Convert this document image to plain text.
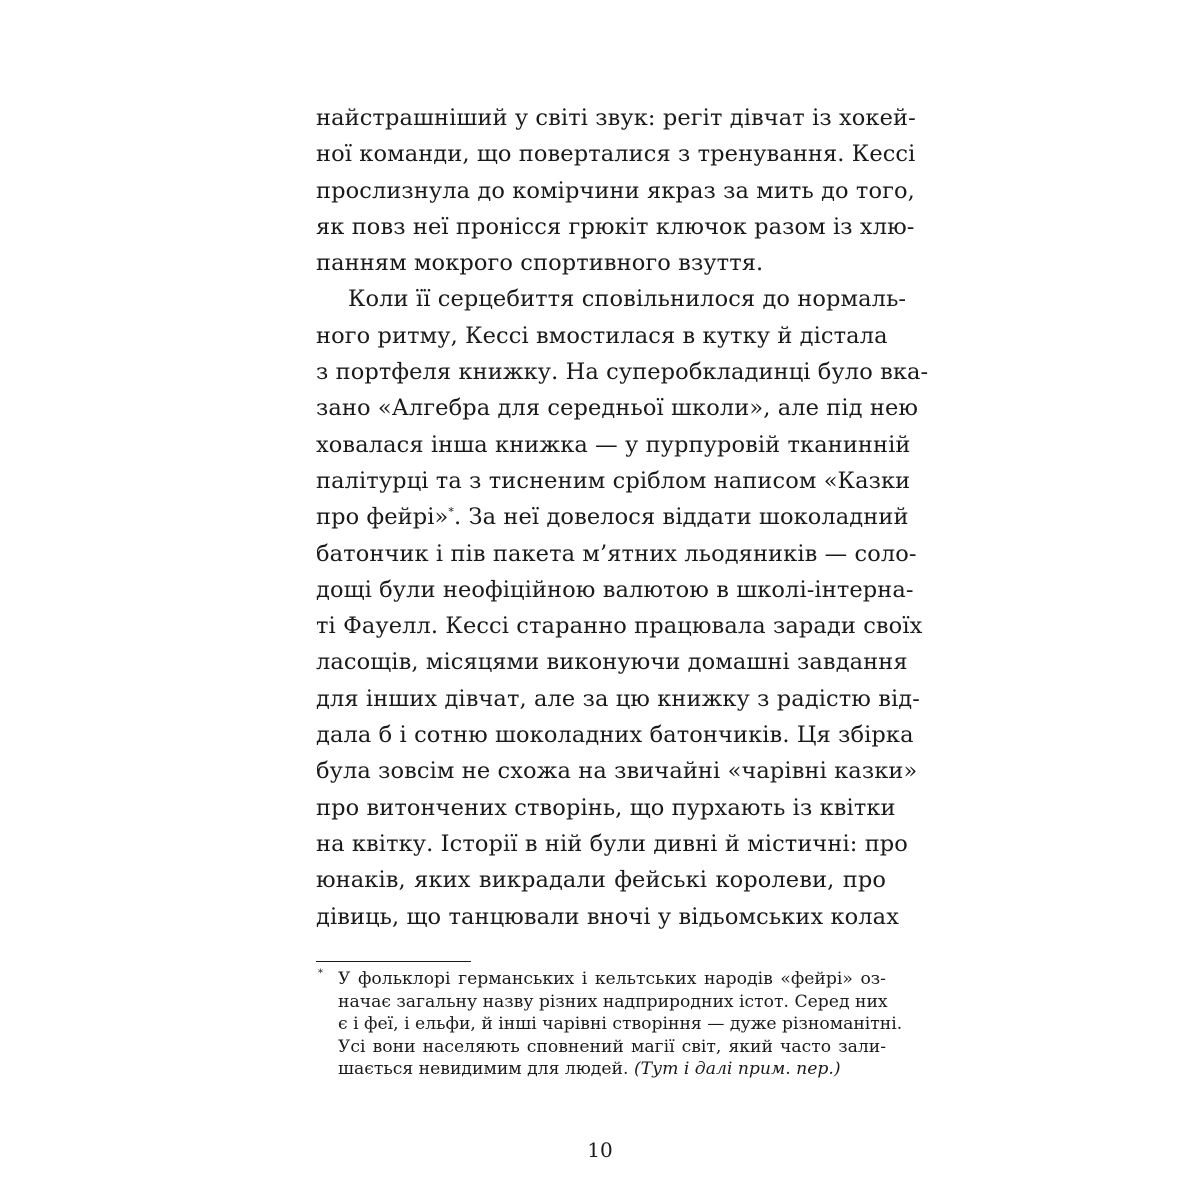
найстрашніший у світі звук: регіт дівчат із хокей-
ної команди, що поверталися з тренування. Кессі
прослизнула до комірчини якраз за мить до того,
як повз неї пронісся грюкіт ключок разом із хлю-
панням мокрого спортивного взуття.
Коли її серцебиття сповільнилося до нормаль-
ного ритму, Кессі вмостилася в кутку й дістала
з портфеля книжку. На суперобкладинці було вка-
зано «Алгебра для середньої школи», але під нею
ховалася інша книжка — у пурпуровій тканинній
палітурці та з тисненим сріблом написом «Казки
про фейрі»*. За неї довелося віддати шоколадний
батончик і пів пакета м’ятних льодяників — соло-
дощі були неофіційною валютою в школі-інтерна-
ті Фауелл. Кессі старанно працювала заради своїх
ласощів, місяцями виконуючи домашні завдання
для інших дівчат, але за цю книжку з радістю від-
дала б і сотню шоколадних батончиків. Ця збірка
була зовсім не схожа на звичайні «чарівні казки»
про витончених створінь, що пурхають із квітки
на квітку. Історії в ній були дивні й містичні: про
юнаків, яких викрадали фейські королеви, про
дівиць, що танцювали вночі у відьомських колах
* У фольклорі германських і кельтських народів «фейрі» оз-
начає загальну назву різних надприродних істот. Серед них
є і феї, і ельфи, й інші чарівні створіння — дуже різноманітні.
Усі вони населяють сповнений магії світ, який часто зали-
шається невидимим для людей. (Тут і далі прим. пер.)
10
